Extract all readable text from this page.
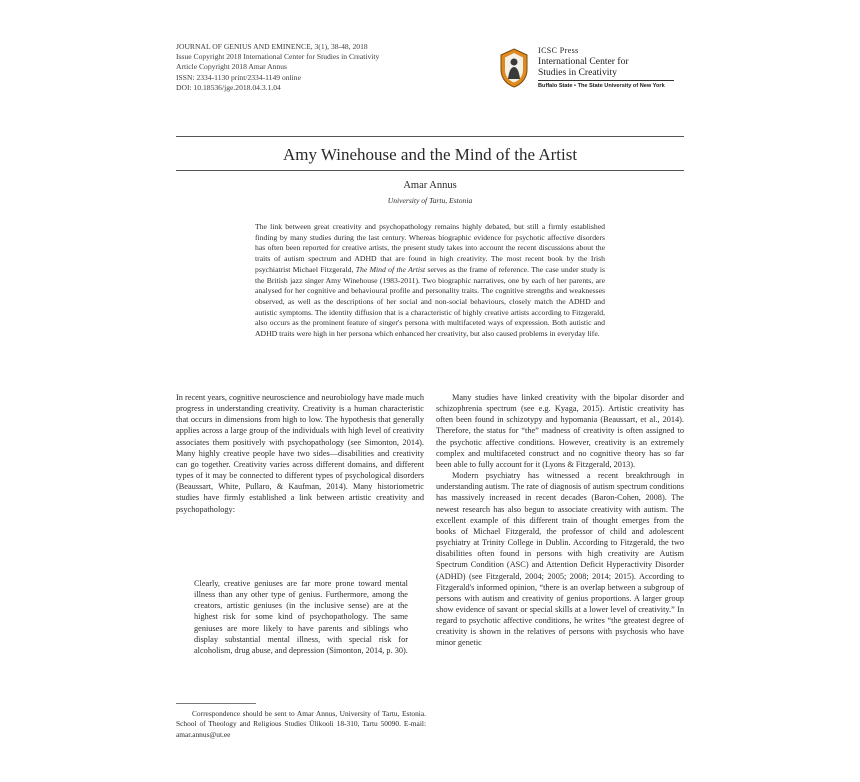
JOURNAL OF GENIUS AND EMINENCE, 3(1), 38-48, 2018
Issue Copyright 2018 International Center for Studies in Creativity
Article Copyright 2018 Amar Annus
ISSN: 2334-1130 print/2334-1149 online
DOI: 10.18536/jge.2018.04.3.1.04
ICSC Press
International Center for
Studies in Creativity
Buffalo State • The State University of New York
Amy Winehouse and the Mind of the Artist
Amar Annus
University of Tartu, Estonia
The link between great creativity and psychopathology remains highly debated, but still a firmly established finding by many studies during the last century. Whereas biographic evidence for psychotic affective disorders has often been reported for creative artists, the present study takes into account the recent discussions about the traits of autism spectrum and ADHD that are found in high creativity. The most recent book by the Irish psychiatrist Michael Fitzgerald, The Mind of the Artist serves as the frame of reference. The case under study is the British jazz singer Amy Winehouse (1983-2011). Two biographic narratives, one by each of her parents, are analysed for her cognitive and behavioural profile and personality traits. The cognitive strengths and weaknesses observed, as well as the descriptions of her social and non-social behaviours, closely match the ADHD and autistic symptoms. The identity diffusion that is a characteristic of highly creative artists according to Fitzgerald, also occurs as the prominent feature of singer's persona with multifaceted ways of expression. Both autistic and ADHD traits were high in her persona which enhanced her creativity, but also caused problems in everyday life.

In recent years, cognitive neuroscience and neurobiology have made much progress in understanding creativity. Creativity is a human characteristic that occurs in dimensions from high to low. The hypothesis that generally applies across a large group of the individuals with high level of creativity associates them positively with psychopathology (see Simonton, 2014). Many highly creative people have two sides—disabilities and creativity can go together. Creativity varies across different domains, and different types of it may be connected to different types of psychological disorders (Beaussart, White, Pullaro, & Kaufman, 2014). Many historiometric studies have firmly established a link between artistic creativity and psychopathology:

Clearly, creative geniuses are far more prone toward mental illness than any other type of genius. Furthermore, among the creators, artistic geniuses (in the inclusive sense) are at the highest risk for some kind of psychopathology. The same geniuses are more likely to have parents and siblings who display substantial mental illness, with special risk for alcoholism, drug abuse, and depression (Simonton, 2014, p. 30).
Correspondence should be sent to Amar Annus, University of Tartu, Estonia. School of Theology and Religious Studies Ülikooli 18-310, Tartu 50090. E-mail: amar.annus@ut.ee

Many studies have linked creativity with the bipolar disorder and schizophrenia spectrum (see e.g. Kyaga, 2015). Artistic creativity has often been found in schizotypy and hypomania (Beaussart, et al., 2014). Therefore, the status for “the” madness of creativity is often assigned to the psychotic affective conditions. However, creativity is an extremely complex and multifaceted construct and no cognitive theory has so far been able to fully account for it (Lyons & Fitzgerald, 2013).

Modern psychiatry has witnessed a recent breakthrough in understanding autism. The rate of diagnosis of autism spectrum conditions has massively increased in recent decades (Baron-Cohen, 2008). The newest research has also begun to associate creativity with autism. The excellent example of this different train of thought emerges from the books of Michael Fitzgerald, the professor of child and adolescent psychiatry at Trinity College in Dublin. According to Fitzgerald, the two disabilities often found in persons with high creativity are Autism Spectrum Condition (ASC) and Attention Deficit Hyperactivity Disorder (ADHD) (see Fitzgerald, 2004; 2005; 2008; 2014; 2015). According to Fitzgerald's informed opinion, “there is an overlap between a subgroup of persons with autism and creativity of genius proportions. A larger group show evidence of savant or special skills at a lower level of creativity.” In regard to psychotic affective conditions, he writes “the greatest degree of creativity is shown in the relatives of persons with psychosis who have minor genetic
